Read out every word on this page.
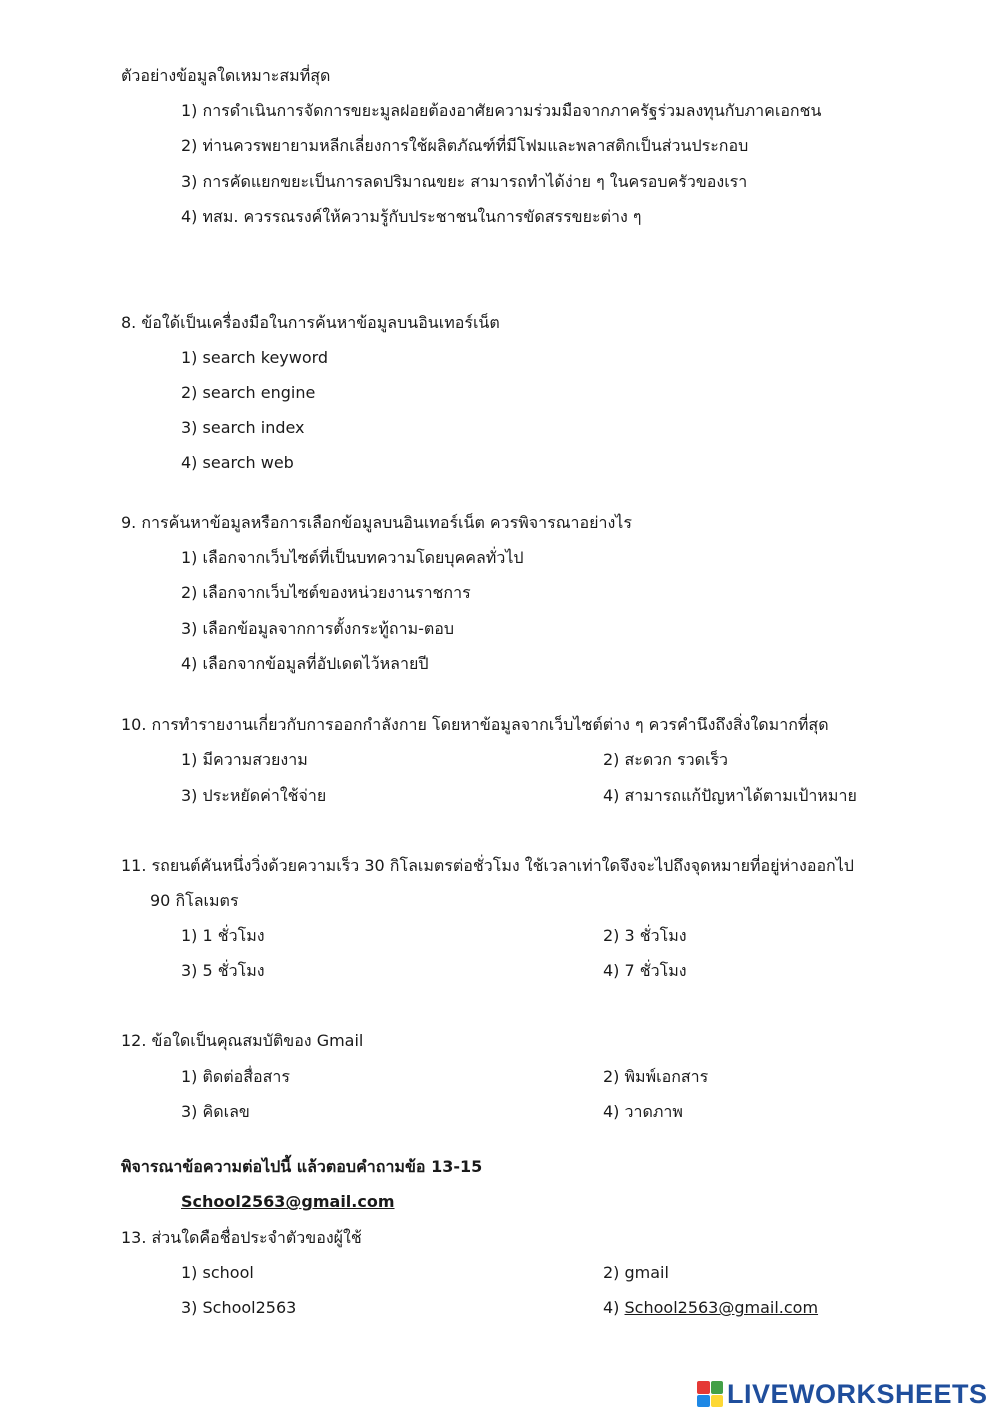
ตัวอย่างข้อมูลใดเหมาะสมที่สุด
1) การดำเนินการจัดการขยะมูลฝอยต้องอาศัยความร่วมมือจากภาครัฐร่วมลงทุนกับภาคเอกชน
2) ท่านควรพยายามหลีกเลี่ยงการใช้ผลิตภัณฑ์ที่มีโฟมและพลาสติกเป็นส่วนประกอบ
3) การคัดแยกขยะเป็นการลดปริมาณขยะ สามารถทำได้ง่าย ๆ ในครอบครัวของเรา
4) ทสม. ควรรณรงค์ให้ความรู้กับประชาชนในการขัดสรรขยะต่าง ๆ
8. ข้อใด้เป็นเครื่องมือในการค้นหาข้อมูลบนอินเทอร์เน็ต
1) search keyword
2) search engine
3) search index
4) search web
9. การค้นหาข้อมูลหรือการเลือกข้อมูลบนอินเทอร์เน็ต ควรพิจารณาอย่างไร
1) เลือกจากเว็บไซต์ที่เป็นบทความโดยบุคคลทั่วไป
2) เลือกจากเว็บไซต์ของหน่วยงานราชการ
3) เลือกข้อมูลจากการตั้งกระทู้ถาม-ตอบ
4) เลือกจากข้อมูลที่อัปเดตไว้หลายปี
10. การทำรายงานเกี่ยวกับการออกกำลังกาย โดยหาข้อมูลจากเว็บไซต์ต่าง ๆ ควรคำนึงถึงสิ่งใดมากที่สุด
1) มีความสวยงาม	2) สะดวก รวดเร็ว
3) ประหยัดค่าใช้จ่าย	4) สามารถแก้ปัญหาได้ตามเป้าหมาย
11. รถยนต์คันหนึ่งวิ่งด้วยความเร็ว 30 กิโลเมตรต่อชั่วโมง ใช้เวลาเท่าใดจึงจะไปถึงจุดหมายที่อยู่ห่างออกไป
90 กิโลเมตร
1) 1 ชั่วโมง	2) 3 ชั่วโมง
3) 5 ชั่วโมง	4) 7 ชั่วโมง
12. ข้อใดเป็นคุณสมบัติของ Gmail
1) ติดต่อสื่อสาร	2) พิมพ์เอกสาร
3) คิดเลข	4) วาดภาพ
พิจารณาข้อความต่อไปนี้ แล้วตอบคำถามข้อ 13-15
School2563@gmail.com
13. ส่วนใดคือชื่อประจำตัวของผู้ใช้
1) school	2) gmail
3) School2563	4) School2563@gmail.com
LIVEWORKSHEETS
